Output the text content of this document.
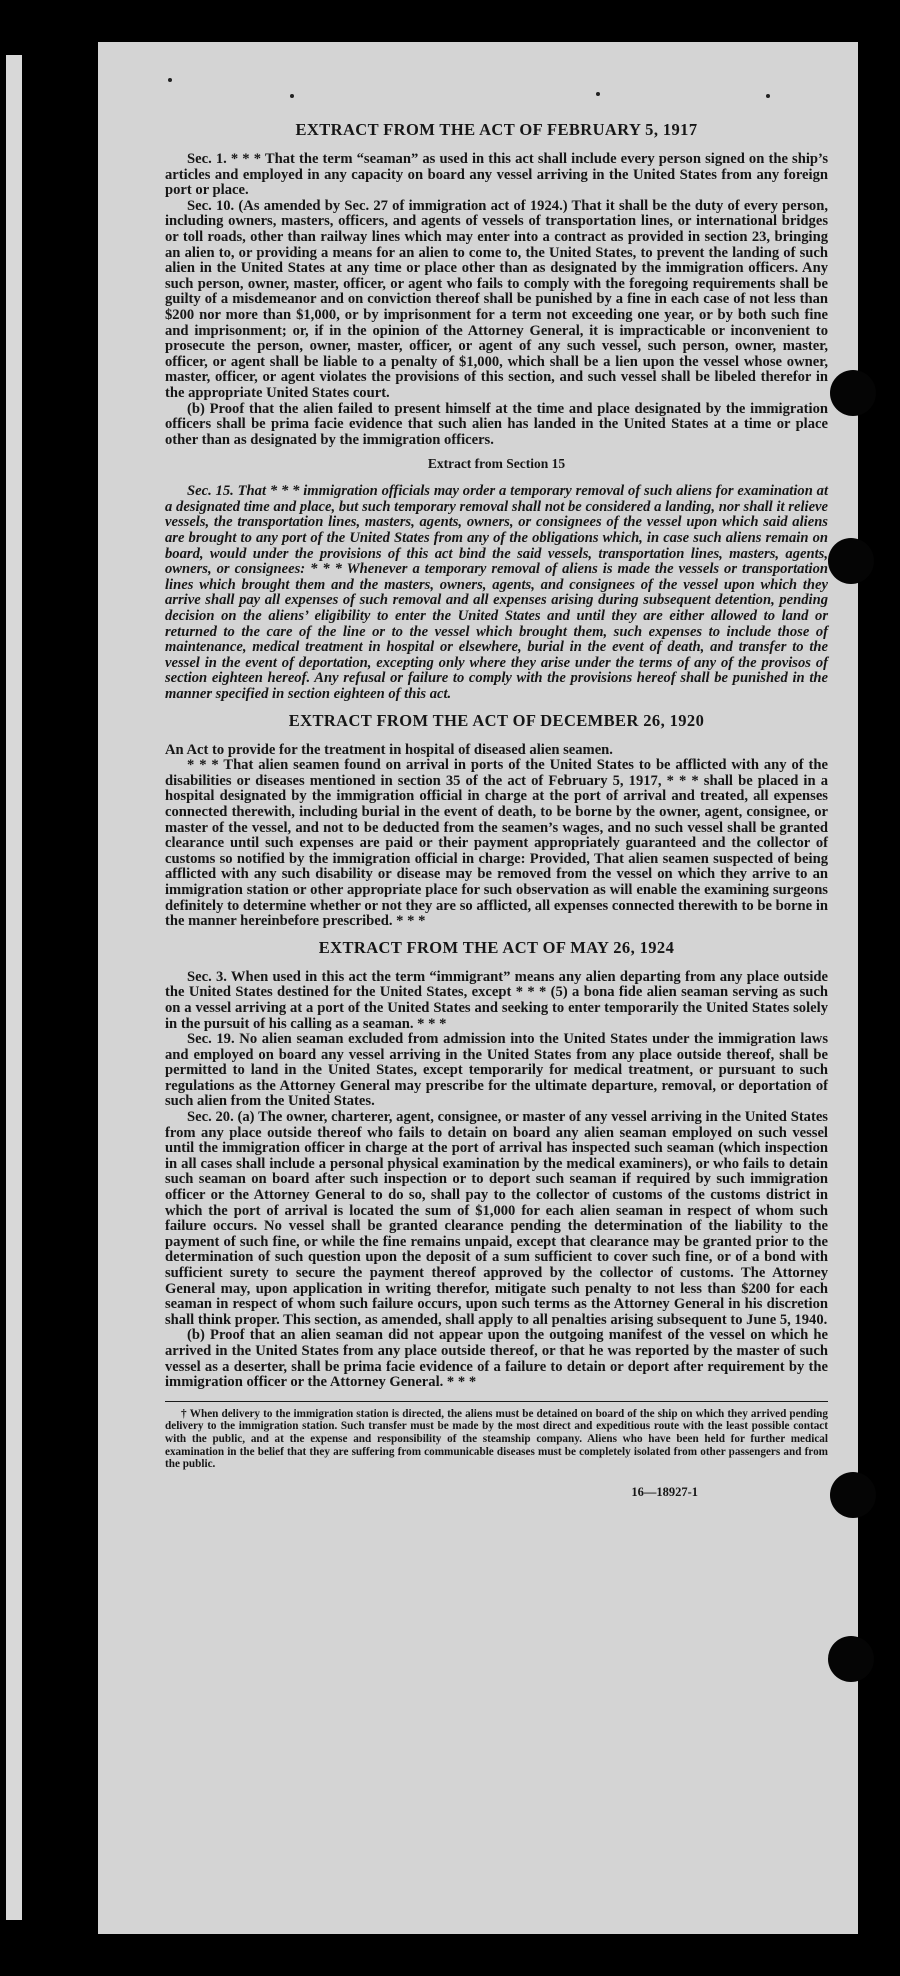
EXTRACT FROM THE ACT OF FEBRUARY 5, 1917

Sec. 1. * * * That the term “seaman” as used in this act shall include every person signed on the ship’s articles and employed in any capacity on board any vessel arriving in the United States from any foreign port or place.

Sec. 10. (As amended by Sec. 27 of immigration act of 1924.) That it shall be the duty of every person, including owners, masters, officers, and agents of vessels of transportation lines, or international bridges or toll roads, other than railway lines which may enter into a contract as provided in section 23, bringing an alien to, or providing a means for an alien to come to, the United States, to prevent the landing of such alien in the United States at any time or place other than as designated by the immigration officers. Any such person, owner, master, officer, or agent who fails to comply with the foregoing requirements shall be guilty of a misdemeanor and on conviction thereof shall be punished by a fine in each case of not less than $200 nor more than $1,000, or by imprisonment for a term not exceeding one year, or by both such fine and imprisonment; or, if in the opinion of the Attorney General, it is impracticable or inconvenient to prosecute the person, owner, master, officer, or agent of any such vessel, such person, owner, master, officer, or agent shall be liable to a penalty of $1,000, which shall be a lien upon the vessel whose owner, master, officer, or agent violates the provisions of this section, and such vessel shall be libeled therefor in the appropriate United States court.

(b) Proof that the alien failed to present himself at the time and place designated by the immigration officers shall be prima facie evidence that such alien has landed in the United States at a time or place other than as designated by the immigration officers.

Extract from Section 15

Sec. 15. That * * * immigration officials may order a temporary removal of such aliens for examination at a designated time and place, but such temporary removal shall not be considered a landing, nor shall it relieve vessels, the transportation lines, masters, agents, owners, or consignees of the vessel upon which said aliens are brought to any port of the United States from any of the obligations which, in case such aliens remain on board, would under the provisions of this act bind the said vessels, transportation lines, masters, agents, owners, or consignees: * * * Whenever a temporary removal of aliens is made the vessels or transportation lines which brought them and the masters, owners, agents, and consignees of the vessel upon which they arrive shall pay all expenses of such removal and all expenses arising during subsequent detention, pending decision on the aliens’ eligibility to enter the United States and until they are either allowed to land or returned to the care of the line or to the vessel which brought them, such expenses to include those of maintenance, medical treatment in hospital or elsewhere, burial in the event of death, and transfer to the vessel in the event of deportation, excepting only where they arise under the terms of any of the provisos of section eighteen hereof. Any refusal or failure to comply with the provisions hereof shall be punished in the manner specified in section eighteen of this act.

EXTRACT FROM THE ACT OF DECEMBER 26, 1920

An Act to provide for the treatment in hospital of diseased alien seamen.

* * * That alien seamen found on arrival in ports of the United States to be afflicted with any of the disabilities or diseases mentioned in section 35 of the act of February 5, 1917, * * * shall be placed in a hospital designated by the immigration official in charge at the port of arrival and treated, all expenses connected therewith, including burial in the event of death, to be borne by the owner, agent, consignee, or master of the vessel, and not to be deducted from the seamen’s wages, and no such vessel shall be granted clearance until such expenses are paid or their payment appropriately guaranteed and the collector of customs so notified by the immigration official in charge: Provided, That alien seamen suspected of being afflicted with any such disability or disease may be removed from the vessel on which they arrive to an immigration station or other appropriate place for such observation as will enable the examining surgeons definitely to determine whether or not they are so afflicted, all expenses connected therewith to be borne in the manner hereinbefore prescribed. * * *

EXTRACT FROM THE ACT OF MAY 26, 1924

Sec. 3. When used in this act the term “immigrant” means any alien departing from any place outside the United States destined for the United States, except * * * (5) a bona fide alien seaman serving as such on a vessel arriving at a port of the United States and seeking to enter temporarily the United States solely in the pursuit of his calling as a seaman. * * *

Sec. 19. No alien seaman excluded from admission into the United States under the immigration laws and employed on board any vessel arriving in the United States from any place outside thereof, shall be permitted to land in the United States, except temporarily for medical treatment, or pursuant to such regulations as the Attorney General may prescribe for the ultimate departure, removal, or deportation of such alien from the United States.

Sec. 20. (a) The owner, charterer, agent, consignee, or master of any vessel arriving in the United States from any place outside thereof who fails to detain on board any alien seaman employed on such vessel until the immigration officer in charge at the port of arrival has inspected such seaman (which inspection in all cases shall include a personal physical examination by the medical examiners), or who fails to detain such seaman on board after such inspection or to deport such seaman if required by such immigration officer or the Attorney General to do so, shall pay to the collector of customs of the customs district in which the port of arrival is located the sum of $1,000 for each alien seaman in respect of whom such failure occurs. No vessel shall be granted clearance pending the determination of the liability to the payment of such fine, or while the fine remains unpaid, except that clearance may be granted prior to the determination of such question upon the deposit of a sum sufficient to cover such fine, or of a bond with sufficient surety to secure the payment thereof approved by the collector of customs. The Attorney General may, upon application in writing therefor, mitigate such penalty to not less than $200 for each seaman in respect of whom such failure occurs, upon such terms as the Attorney General in his discretion shall think proper. This section, as amended, shall apply to all penalties arising subsequent to June 5, 1940.

(b) Proof that an alien seaman did not appear upon the outgoing manifest of the vessel on which he arrived in the United States from any place outside thereof, or that he was reported by the master of such vessel as a deserter, shall be prima facie evidence of a failure to detain or deport after requirement by the immigration officer or the Attorney General. * * *

† When delivery to the immigration station is directed, the aliens must be detained on board of the ship on which they arrived pending delivery to the immigration station. Such transfer must be made by the most direct and expeditious route with the least possible contact with the public, and at the expense and responsibility of the steamship company. Aliens who have been held for further medical examination in the belief that they are suffering from communicable diseases must be completely isolated from other passengers and from the public.

16—18927-1
